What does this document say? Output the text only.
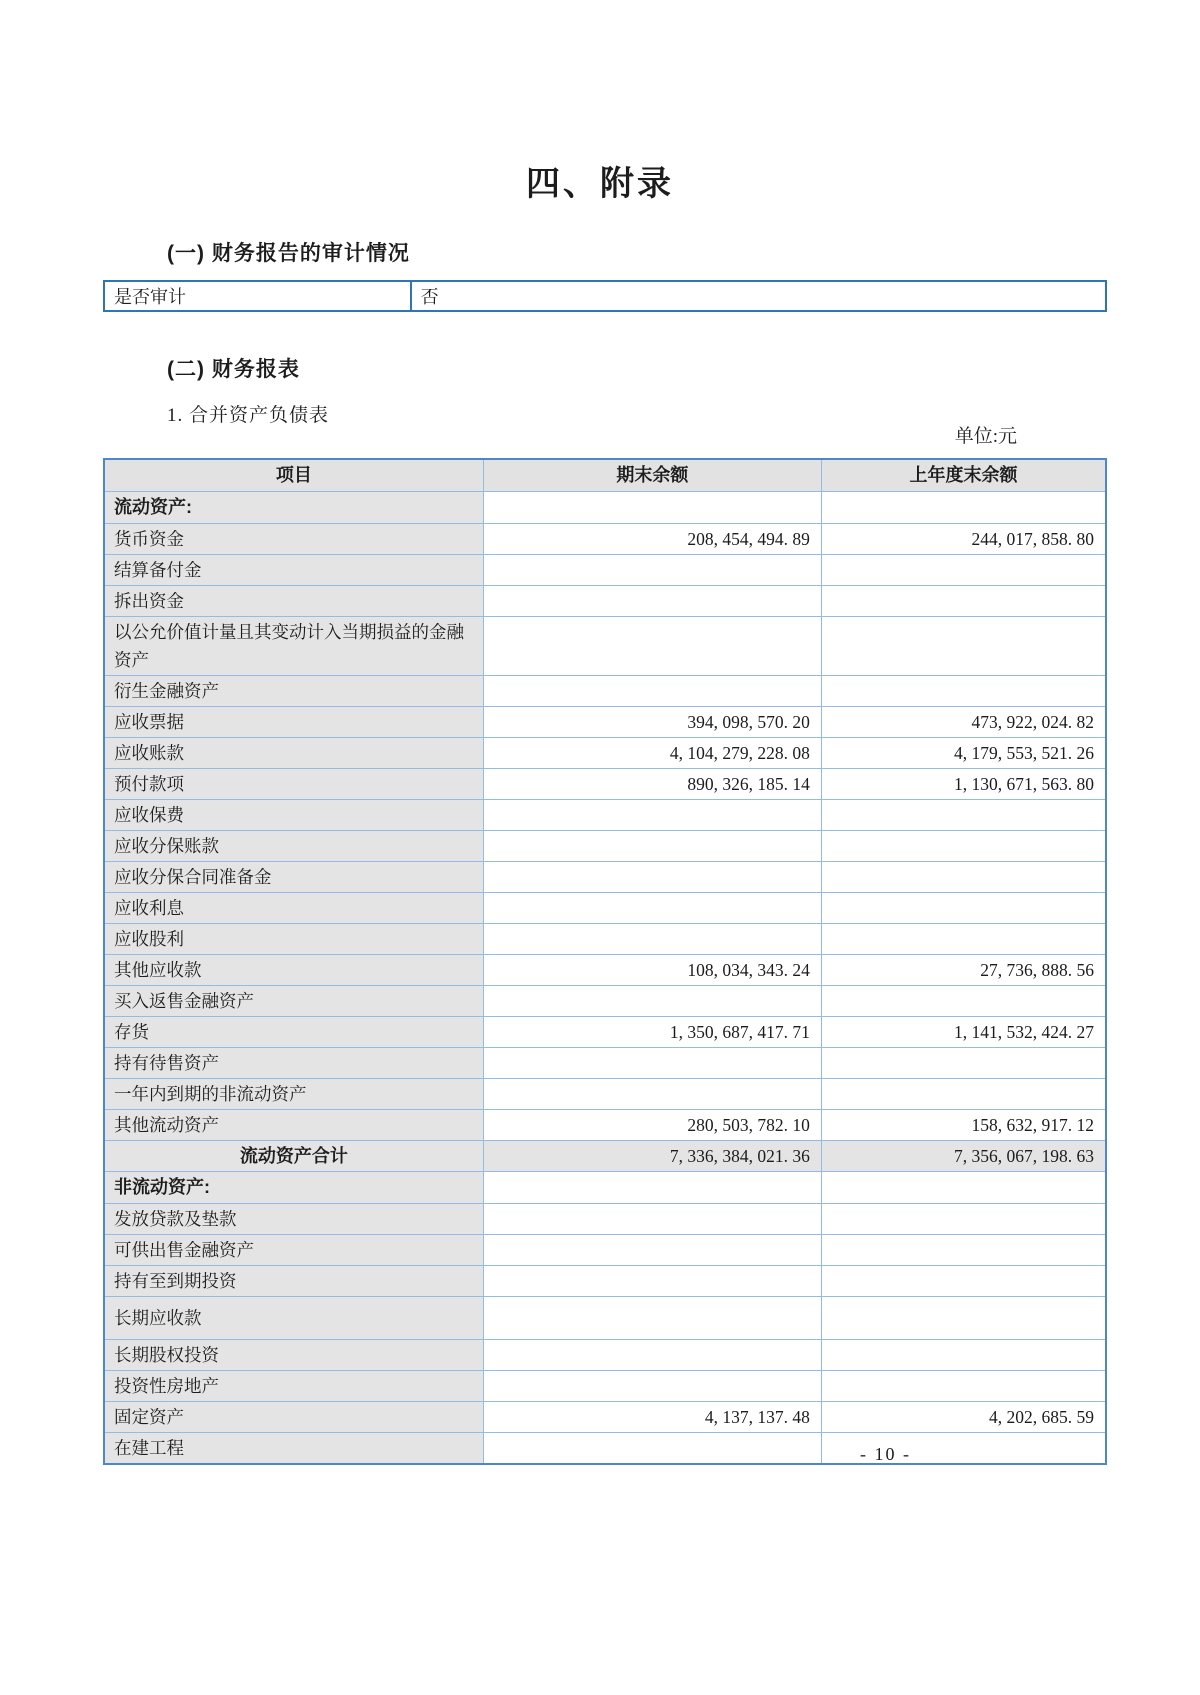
四、附录
(一) 财务报告的审计情况
是否审计	否
(二) 财务报表
1. 合并资产负债表
单位:元
项目	期末余额	上年度末余额
流动资产:		
货币资金	208, 454, 494. 89	244, 017, 858. 80
结算备付金		
拆出资金		
以公允价值计量且其变动计入当期损益的金融资产		
衍生金融资产		
应收票据	394, 098, 570. 20	473, 922, 024. 82
应收账款	4, 104, 279, 228. 08	4, 179, 553, 521. 26
预付款项	890, 326, 185. 14	1, 130, 671, 563. 80
应收保费		
应收分保账款		
应收分保合同准备金		
应收利息		
应收股利		
其他应收款	108, 034, 343. 24	27, 736, 888. 56
买入返售金融资产		
存货	1, 350, 687, 417. 71	1, 141, 532, 424. 27
持有待售资产		
一年内到期的非流动资产		
其他流动资产	280, 503, 782. 10	158, 632, 917. 12
流动资产合计	7, 336, 384, 021. 36	7, 356, 067, 198. 63
非流动资产:		
发放贷款及垫款		
可供出售金融资产		
持有至到期投资		
长期应收款		
长期股权投资		
投资性房地产		
固定资产	4, 137, 137. 48	4, 202, 685. 59
在建工程			- 10 -
